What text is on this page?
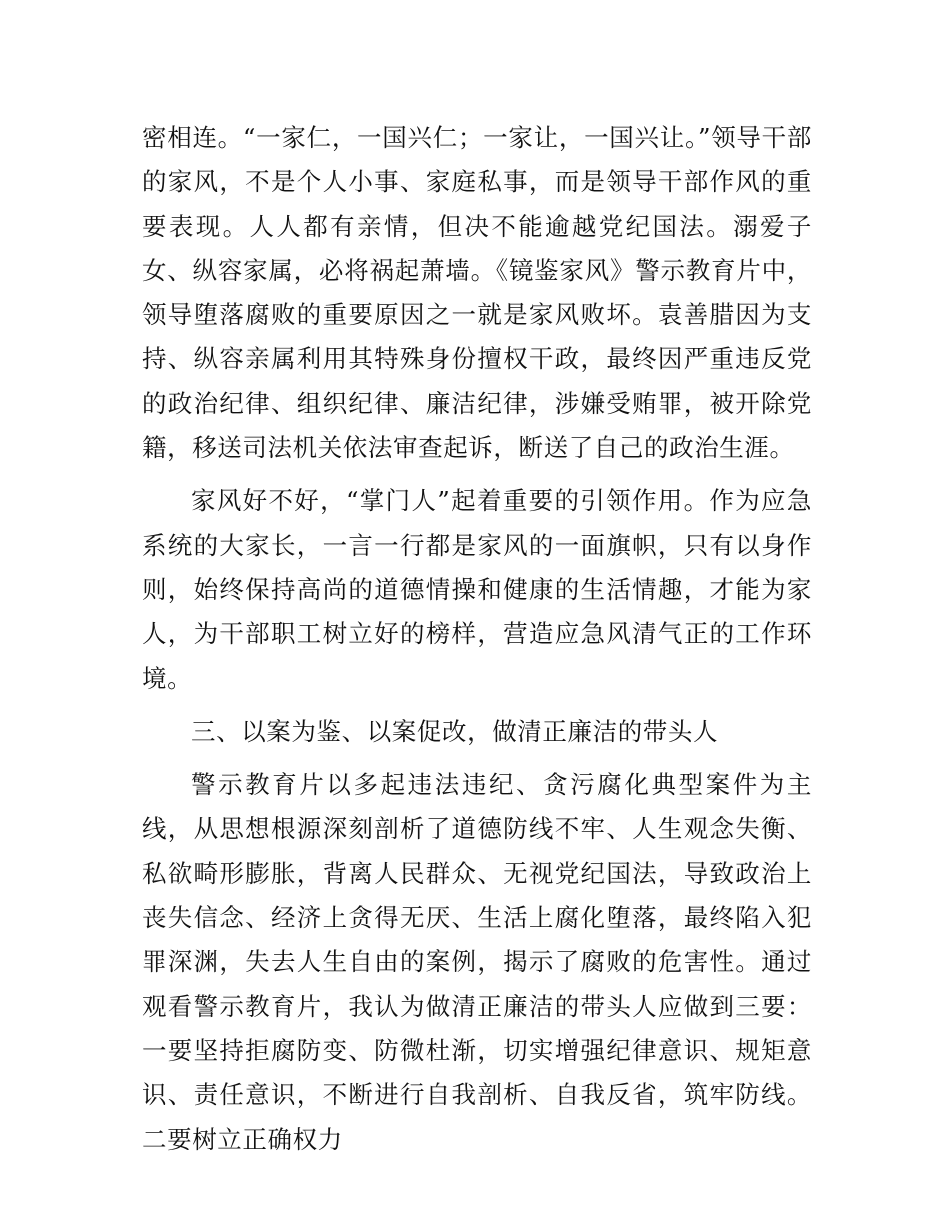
密相连。“一家仁，一国兴仁；一家让，一国兴让。”领导干部的家风，不是个人小事、家庭私事，而是领导干部作风的重要表现。人人都有亲情，但决不能逾越党纪国法。溺爱子女、纵容家属，必将祸起萧墙。《镜鉴家风》警示教育片中，领导堕落腐败的重要原因之一就是家风败坏。袁善腊因为支持、纵容亲属利用其特殊身份擅权干政，最终因严重违反党的政治纪律、组织纪律、廉洁纪律，涉嫌受贿罪，被开除党籍，移送司法机关依法审查起诉，断送了自己的政治生涯。

家风好不好，“掌门人”起着重要的引领作用。作为应急系统的大家长，一言一行都是家风的一面旗帜，只有以身作则，始终保持高尚的道德情操和健康的生活情趣，才能为家人，为干部职工树立好的榜样，营造应急风清气正的工作环境。

三、以案为鉴、以案促改，做清正廉洁的带头人

警示教育片以多起违法违纪、贪污腐化典型案件为主线，从思想根源深刻剖析了道德防线不牢、人生观念失衡、私欲畸形膨胀，背离人民群众、无视党纪国法，导致政治上丧失信念、经济上贪得无厌、生活上腐化堕落，最终陷入犯罪深渊，失去人生自由的案例，揭示了腐败的危害性。通过观看警示教育片，我认为做清正廉洁的带头人应做到三要：一要坚持拒腐防变、防微杜渐，切实增强纪律意识、规矩意识、责任意识，不断进行自我剖析、自我反省，筑牢防线。二要树立正确权力
